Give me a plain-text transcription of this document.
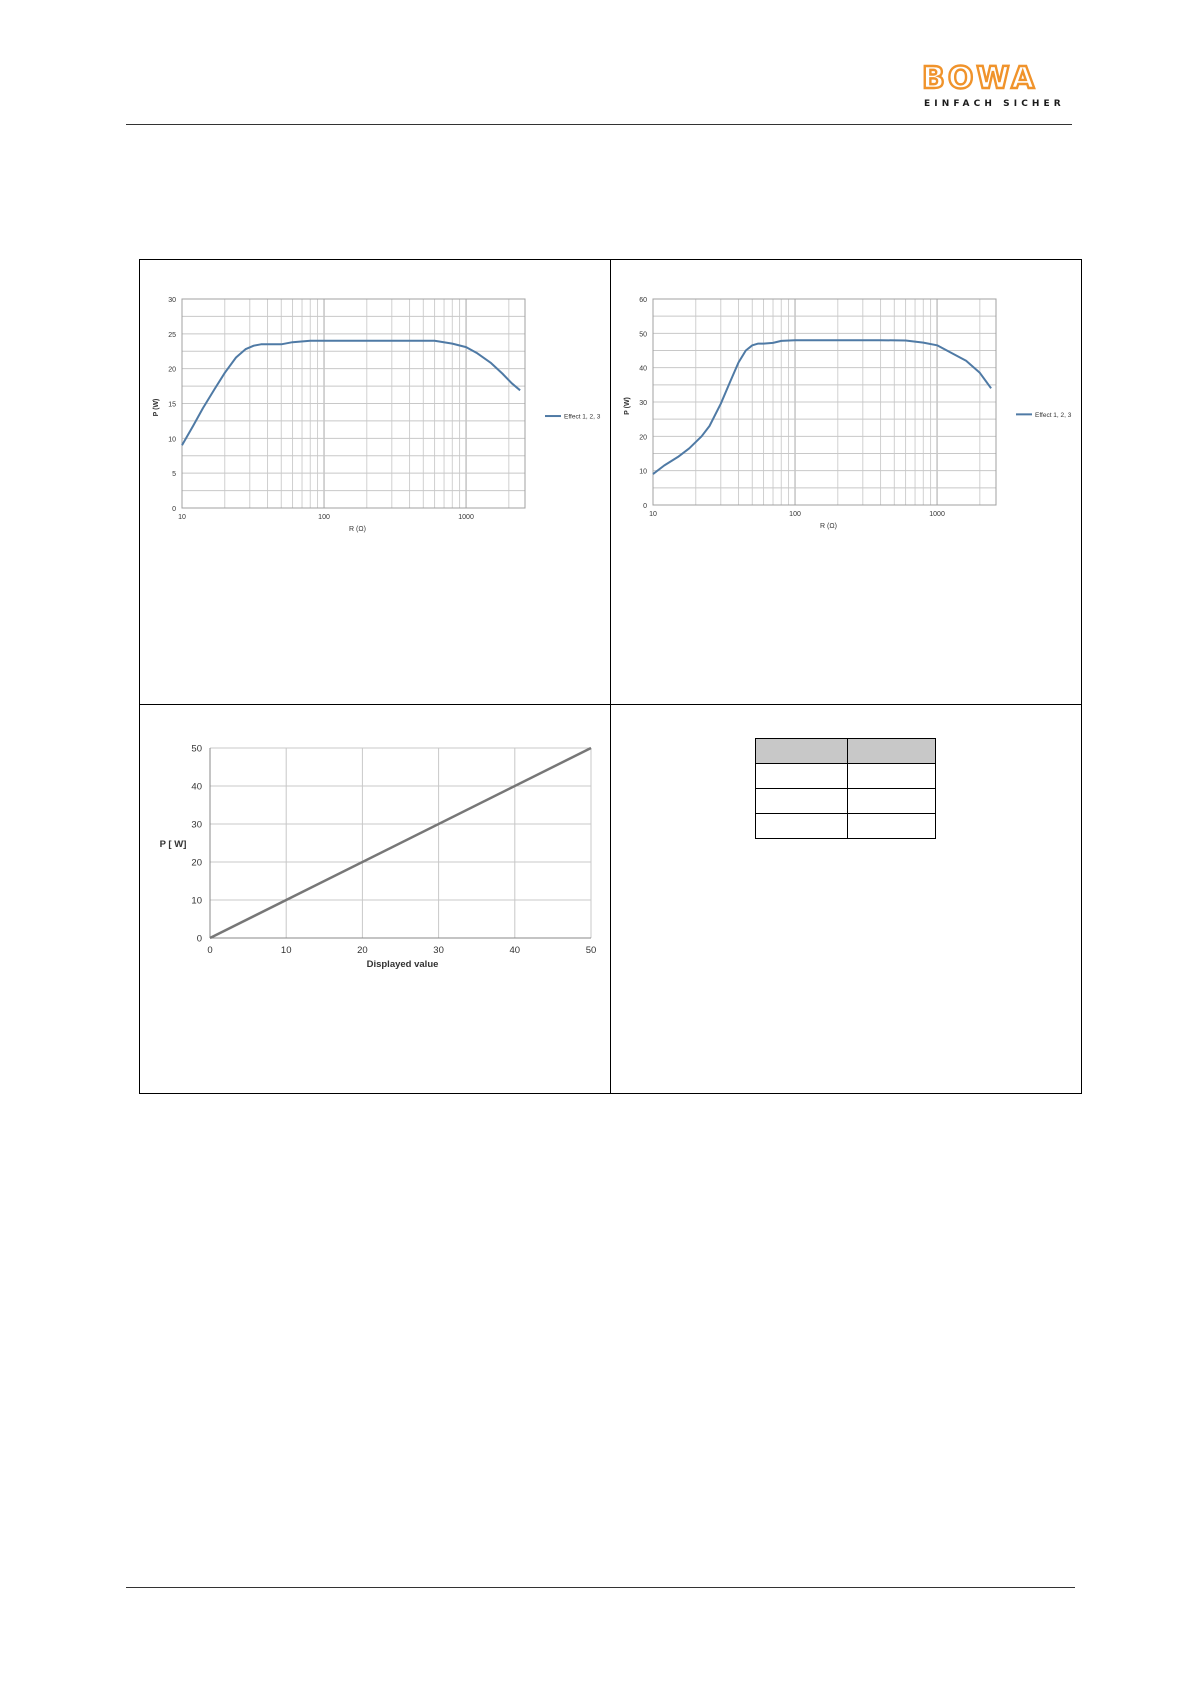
BOWA
EINFACH SICHER
0
5
10
15
20
25
30
10	100	1000
R (Ω)
P (W)
Effect 1, 2, 3
0
10
20
30
40
50
60
10	100	1000
R (Ω)
P (W)
Effect 1, 2, 3
0
10
20
30
40
50
0	10	20	30	40	50
Displayed value
P [ W]
